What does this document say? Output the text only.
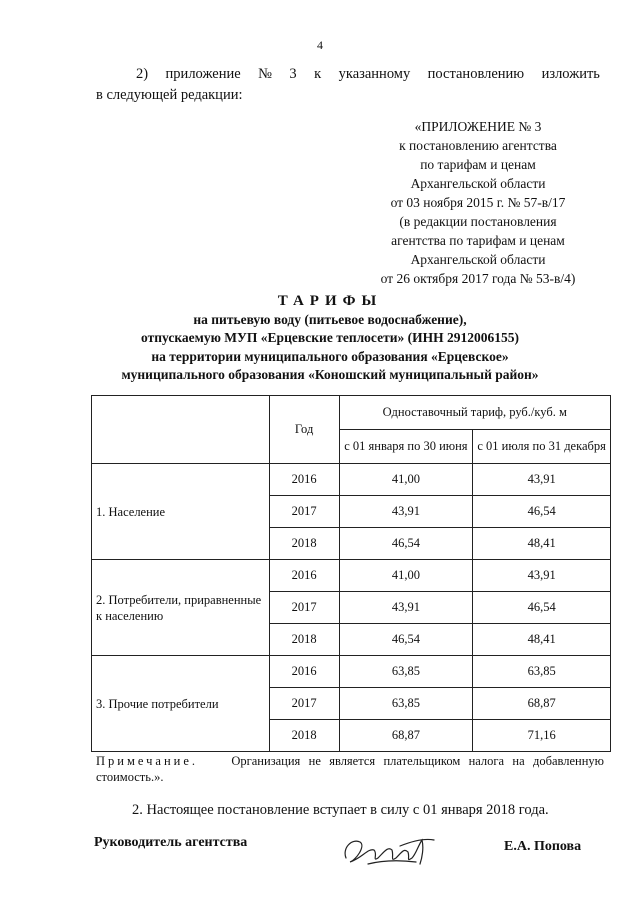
4
2) приложение № 3 к указанному постановлению изложить
в следующей редакции:
«ПРИЛОЖЕНИЕ № 3
к постановлению агентства
по тарифам и ценам
Архангельской области
от 03 ноября 2015 г. № 57-в/17
(в редакции постановления
агентства по тарифам и ценам
Архангельской области
от 26 октября 2017 года № 53-в/4)
ТАРИФЫ
на питьевую воду (питьевое водоснабжение),
отпускаемую МУП «Ерцевские теплосети» (ИНН 2912006155)
на территории муниципального образования «Ерцевское»
муниципального образования «Коношский муниципальный район»
	Год	Одноставочный тариф, руб./куб. м	
		с 01 января по 30 июня	с 01 июля по 31 декабря
1. Население	2016	41,00	43,91
	2017	43,91	46,54
	2018	46,54	48,41
2. Потребители, приравненные к населению	2016	41,00	43,91
	2017	43,91	46,54
	2018	46,54	48,41
3. Прочие потребители	2016	63,85	63,85
	2017	63,85	68,87
	2018	68,87	71,16
Примечание.	Организация не является плательщиком налога на добавленную стоимость.».
2. Настоящее постановление вступает в силу с 01 января 2018 года.
Руководитель агентства	Е.А. Попова
